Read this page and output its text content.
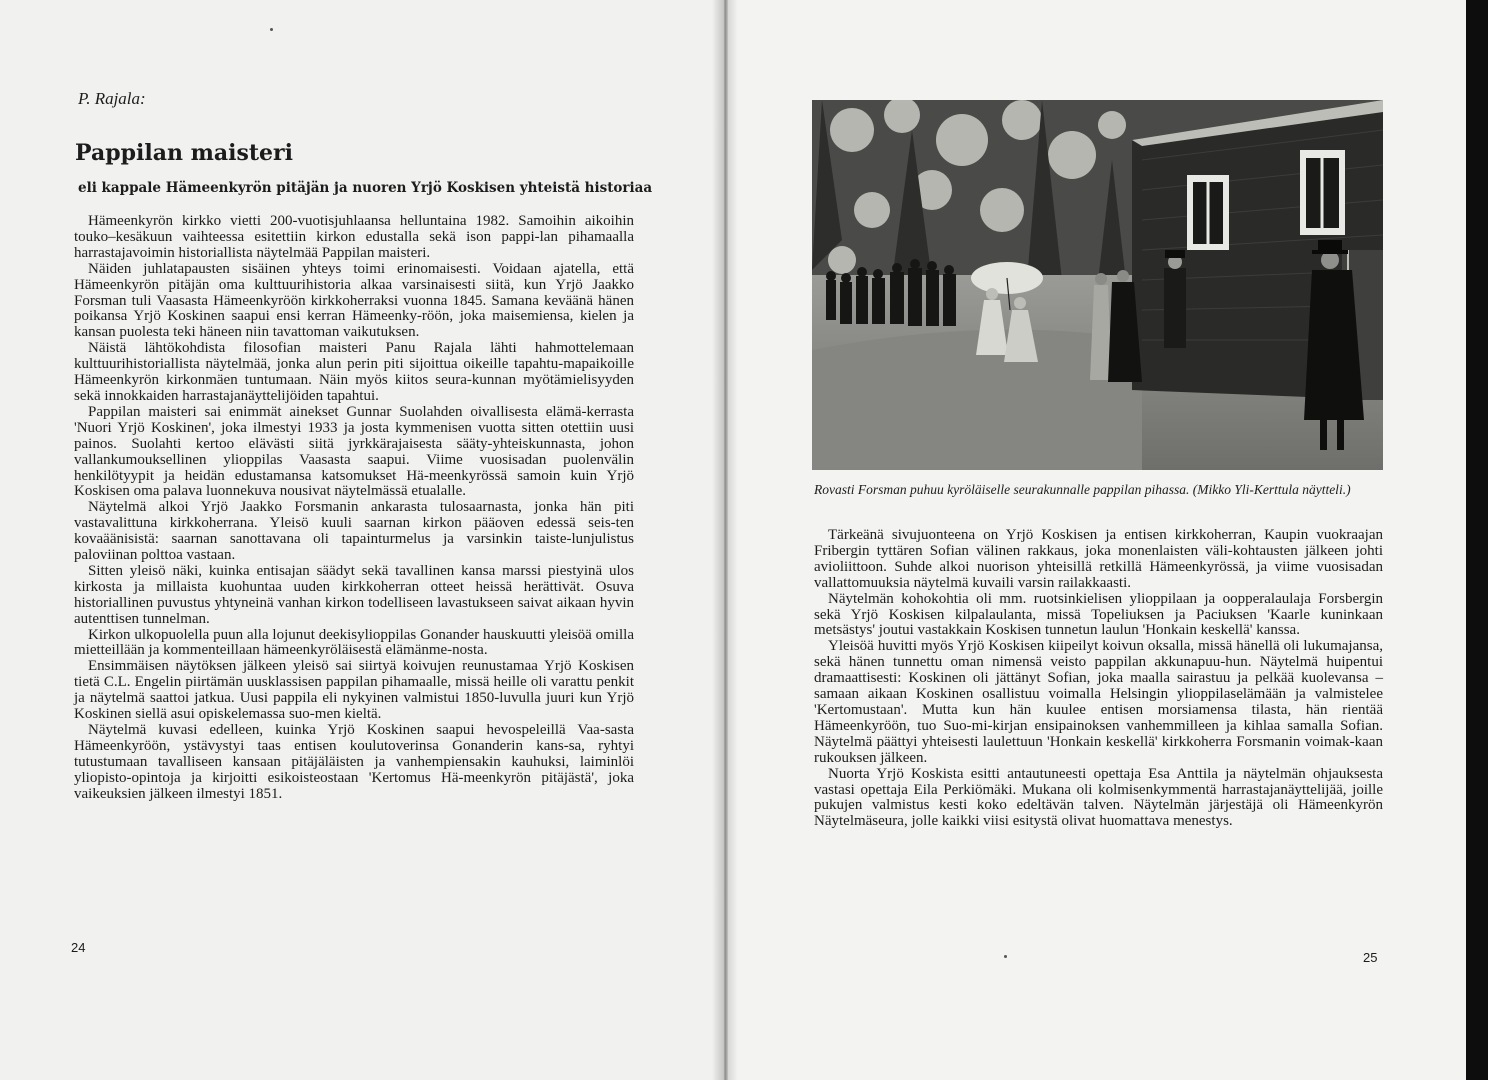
P. Rajala:

Pappilan maisteri
eli kappale Hämeenkyrön pitäjän ja nuoren Yrjö Koskisen yhteistä historiaa

Hämeenkyrön kirkko vietti 200-vuotisjuhlaansa helluntaina 1982. Samoihin aikoihin touko–kesäkuun vaihteessa esitettiin kirkon edustalla sekä ison pappi-lan pihamaalla harrastajavoimin historiallista näytelmää Pappilan maisteri.

Näiden juhlatapausten sisäinen yhteys toimi erinomaisesti. Voidaan ajatella, että Hämeenkyrön pitäjän oma kulttuurihistoria alkaa varsinaisesti siitä, kun Yrjö Jaakko Forsman tuli Vaasasta Hämeenkyröön kirkkoherraksi vuonna 1845. Samana keväänä hänen poikansa Yrjö Koskinen saapui ensi kerran Hämeenky-röön, joka maisemiensa, kielen ja kansan puolesta teki häneen niin tavattoman vaikutuksen.

Näistä lähtökohdista filosofian maisteri Panu Rajala lähti hahmottelemaan kulttuurihistoriallista näytelmää, jonka alun perin piti sijoittua oikeille tapahtu-mapaikoille Hämeenkyrön kirkonmäen tuntumaan. Näin myös kiitos seura-kunnan myötämielisyyden sekä innokkaiden harrastajanäyttelijöiden tapahtui.

Pappilan maisteri sai enimmät ainekset Gunnar Suolahden oivallisesta elämä-kerrasta 'Nuori Yrjö Koskinen', joka ilmestyi 1933 ja josta kymmenisen vuotta sitten otettiin uusi painos. Suolahti kertoo elävästi siitä jyrkkärajaisesta sääty-yhteiskunnasta, johon vallankumouksellinen ylioppilas Vaasasta saapui. Viime vuosisadan puolenvälin henkilötyypit ja heidän edustamansa katsomukset Hä-meenkyrössä samoin kuin Yrjö Koskisen oma palava luonnekuva nousivat näytelmässä etualalle.

Näytelmä alkoi Yrjö Jaakko Forsmanin ankarasta tulosaarnasta, jonka hän piti vastavalittuna kirkkoherrana. Yleisö kuuli saarnan kirkon pääoven edessä seis-ten kovaäänisistä: saarnan sanottavana oli tapainturmelus ja varsinkin taiste-lunjulistus paloviinan polttoa vastaan.

Sitten yleisö näki, kuinka entisajan säädyt sekä tavallinen kansa marssi piestyinä ulos kirkosta ja millaista kuohuntaa uuden kirkkoherran otteet heissä herättivät. Osuva historiallinen puvustus yhtyneinä vanhan kirkon todelliseen lavastukseen saivat aikaan hyvin autenttisen tunnelman.

Kirkon ulkopuolella puun alla lojunut deekisylioppilas Gonander hauskuutti yleisöä omilla mietteillään ja kommenteillaan hämeenkyröläisestä elämänme-nosta.

Ensimmäisen näytöksen jälkeen yleisö sai siirtyä koivujen reunustamaa Yrjö Koskisen tietä C.L. Engelin piirtämän uusklassisen pappilan pihamaalle, missä heille oli varattu penkit ja näytelmä saattoi jatkua. Uusi pappila eli nykyinen valmistui 1850-luvulla juuri kun Yrjö Koskinen siellä asui opiskelemassa suo-men kieltä.

Näytelmä kuvasi edelleen, kuinka Yrjö Koskinen saapui hevospeleillä Vaa-sasta Hämeenkyröön, ystävystyi taas entisen koulutoverinsa Gonanderin kans-sa, ryhtyi tutustumaan tavalliseen kansaan pitäjäläisten ja vanhempiensakin kauhuksi, laiminlöi yliopisto-opintoja ja kirjoitti esikoisteostaan 'Kertomus Hä-meenkyrön pitäjästä', joka vaikeuksien jälkeen ilmestyi 1851.

24

Rovasti Forsman puhuu kyröläiselle seurakunnalle pappilan pihassa. (Mikko Yli-Kerttula näytteli.)

Tärkeänä sivujuonteena on Yrjö Koskisen ja entisen kirkkoherran, Kaupin vuokraajan Fribergin tyttären Sofian välinen rakkaus, joka monenlaisten väli-kohtausten jälkeen johti avioliittoon. Suhde alkoi nuorison yhteisillä retkillä Hämeenkyrössä, ja viime vuosisadan vallattomuuksia näytelmä kuvaili varsin railakkaasti.

Näytelmän kohokohtia oli mm. ruotsinkielisen ylioppilaan ja oopperalaulaja Forsbergin sekä Yrjö Koskisen kilpalaulanta, missä Topeliuksen ja Paciuksen 'Kaarle kuninkaan metsästys' joutui vastakkain Koskisen tunnetun laulun 'Honkain keskellä' kanssa.

Yleisöä huvitti myös Yrjö Koskisen kiipeilyt koivun oksalla, missä hänellä oli lukumajansa, sekä hänen tunnettu oman nimensä veisto pappilan akkunapuu-hun. Näytelmä huipentui dramaattisesti: Koskinen oli jättänyt Sofian, joka maalla sairastuu ja pelkää kuolevansa – samaan aikaan Koskinen osallistuu voimalla Helsingin ylioppilaselämään ja valmistelee 'Kertomustaan'. Mutta kun hän kuulee entisen morsiamensa tilasta, hän rientää Hämeenkyröön, tuo Suo-mi-kirjan ensipainoksen vanhemmilleen ja kihlaa samalla Sofian. Näytelmä päättyi yhteisesti laulettuun 'Honkain keskellä' kirkkoherra Forsmanin voimak-kaan rukouksen jälkeen.

Nuorta Yrjö Koskista esitti antautuneesti opettaja Esa Anttila ja näytelmän ohjauksesta vastasi opettaja Eila Perkiömäki. Mukana oli kolmisenkymmentä harrastajanäyttelijää, joille pukujen valmistus kesti koko edeltävän talven. Näytelmän järjestäjä oli Hämeenkyrön Näytelmäseura, jolle kaikki viisi esitystä olivat huomattava menestys.

25
